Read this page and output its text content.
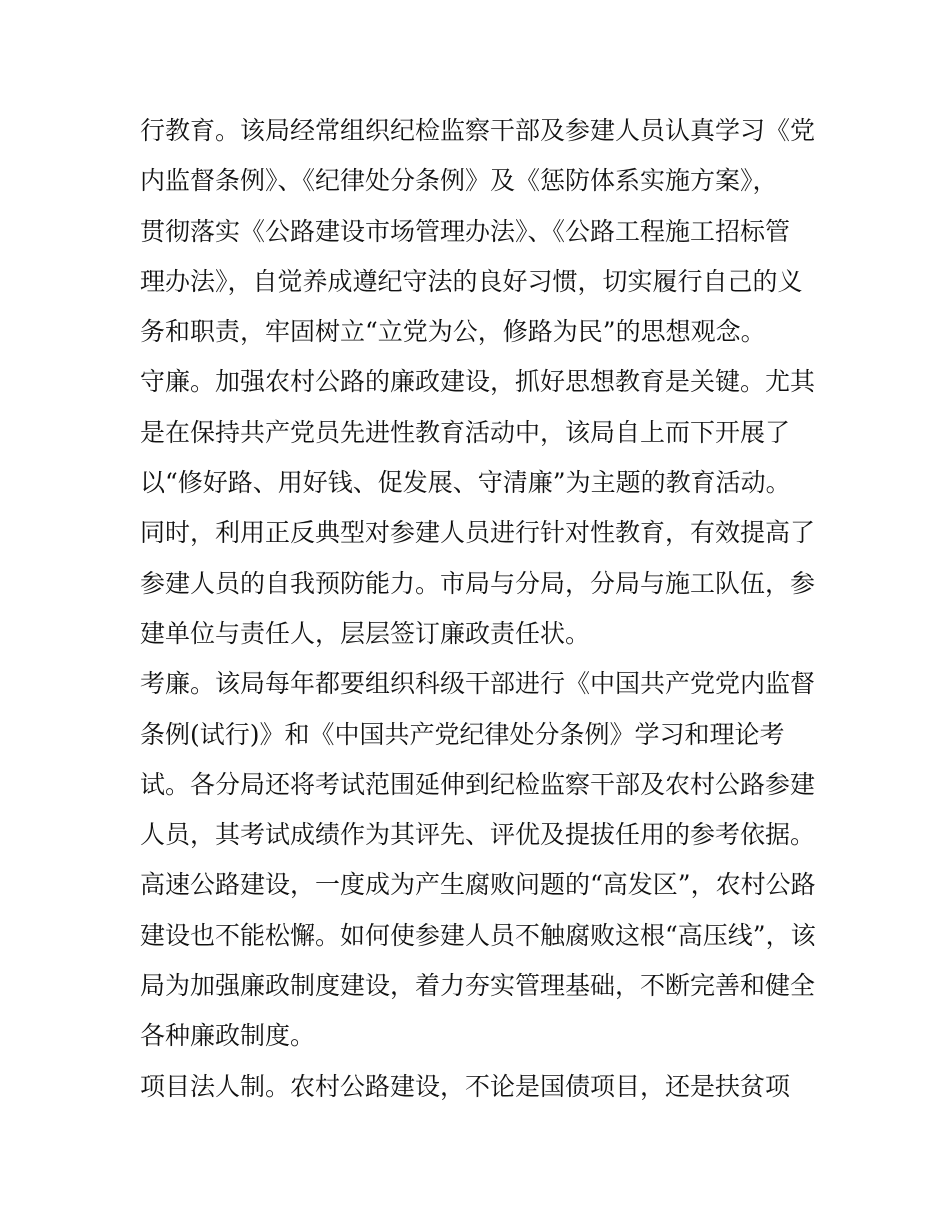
行教育。该局经常组织纪检监察干部及参建人员认真学习《党
内监督条例》、《纪律处分条例》及《惩防体系实施方案》，
贯彻落实《公路建设市场管理办法》、《公路工程施工招标管
理办法》，自觉养成遵纪守法的良好习惯，切实履行自己的义
务和职责，牢固树立“立党为公，修路为民”的思想观念。
守廉。加强农村公路的廉政建设，抓好思想教育是关键。尤其
是在保持共产党员先进性教育活动中，该局自上而下开展了
以“修好路、用好钱、促发展、守清廉”为主题的教育活动。
同时，利用正反典型对参建人员进行针对性教育，有效提高了
参建人员的自我预防能力。市局与分局，分局与施工队伍，参
建单位与责任人，层层签订廉政责任状。
考廉。该局每年都要组织科级干部进行《中国共产党党内监督
条例(试行)》和《中国共产党纪律处分条例》学习和理论考
试。各分局还将考试范围延伸到纪检监察干部及农村公路参建
人员，其考试成绩作为其评先、评优及提拔任用的参考依据。
高速公路建设，一度成为产生腐败问题的“高发区”，农村公路
建设也不能松懈。如何使参建人员不触腐败这根“高压线”，该
局为加强廉政制度建设，着力夯实管理基础，不断完善和健全
各种廉政制度。
项目法人制。农村公路建设，不论是国债项目，还是扶贫项
